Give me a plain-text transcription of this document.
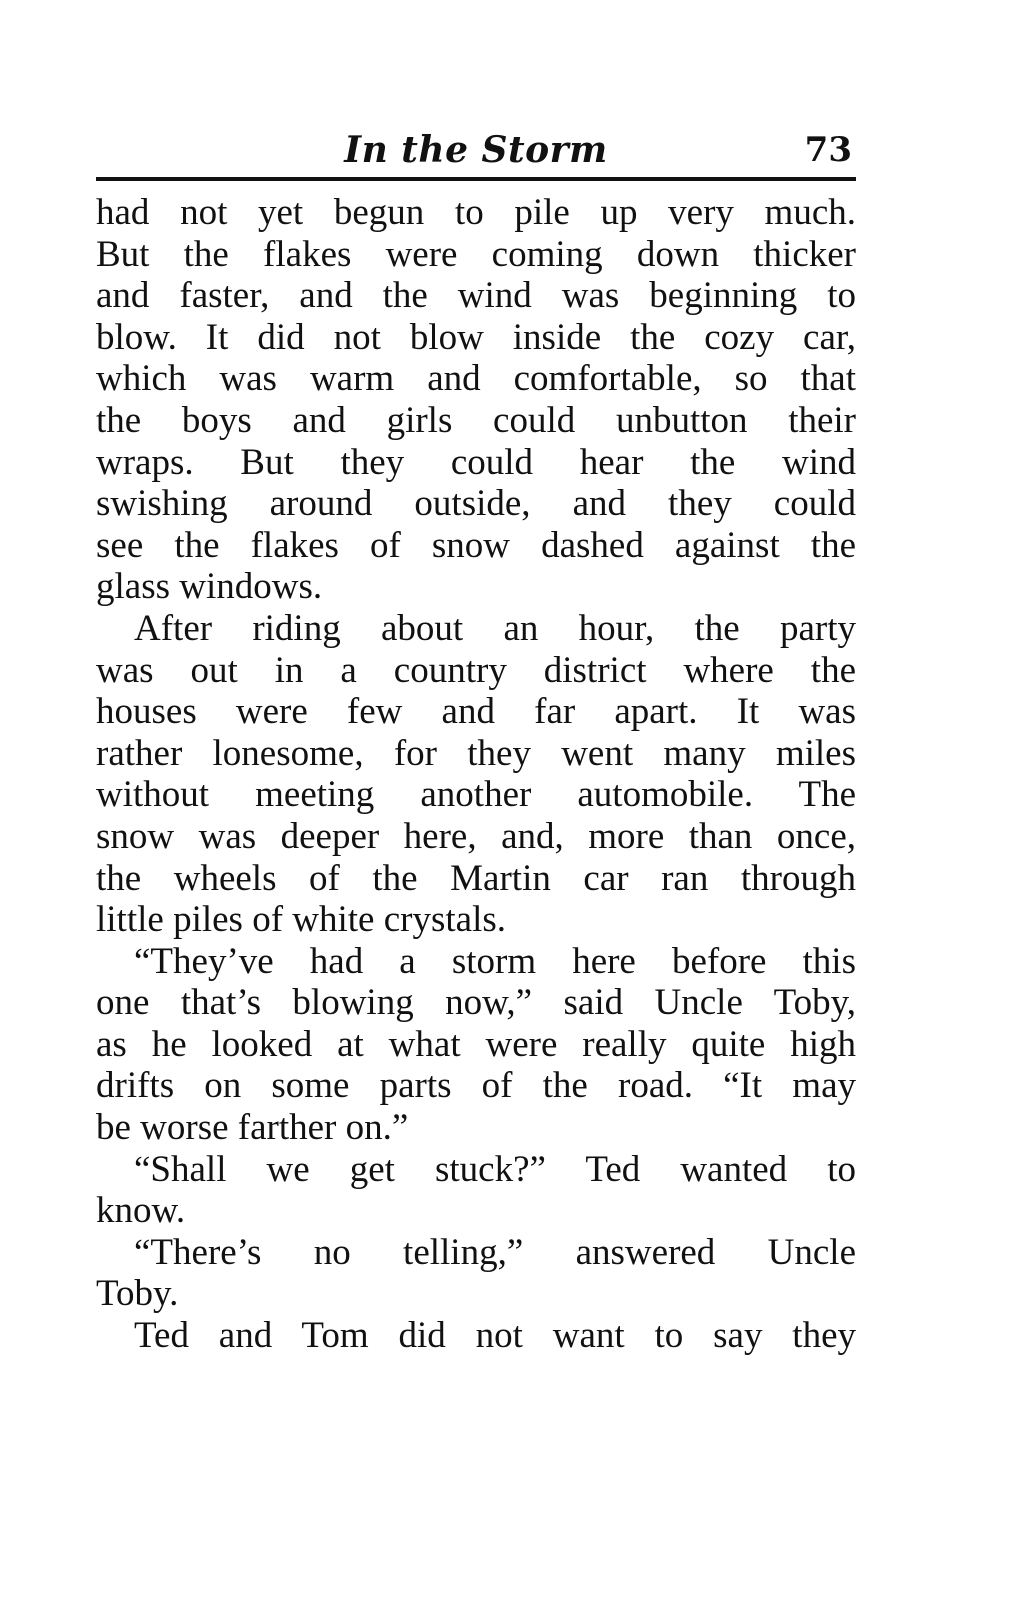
In the Storm	73
had not yet begun to pile up very much.
But the flakes were coming down thicker
and faster, and the wind was beginning to
blow. It did not blow inside the cozy car,
which was warm and comfortable, so that
the boys and girls could unbutton their
wraps. But they could hear the wind
swishing around outside, and they could
see the flakes of snow dashed against the
glass windows.
After riding about an hour, the party
was out in a country district where the
houses were few and far apart. It was
rather lonesome, for they went many miles
without meeting another automobile. The
snow was deeper here, and, more than once,
the wheels of the Martin car ran through
little piles of white crystals.
“They’ve had a storm here before this
one that’s blowing now,” said Uncle Toby,
as he looked at what were really quite high
drifts on some parts of the road. “It may
be worse farther on.”
“Shall we get stuck?” Ted wanted to
know.
“There’s no telling,” answered Uncle
Toby.
Ted and Tom did not want to say they
